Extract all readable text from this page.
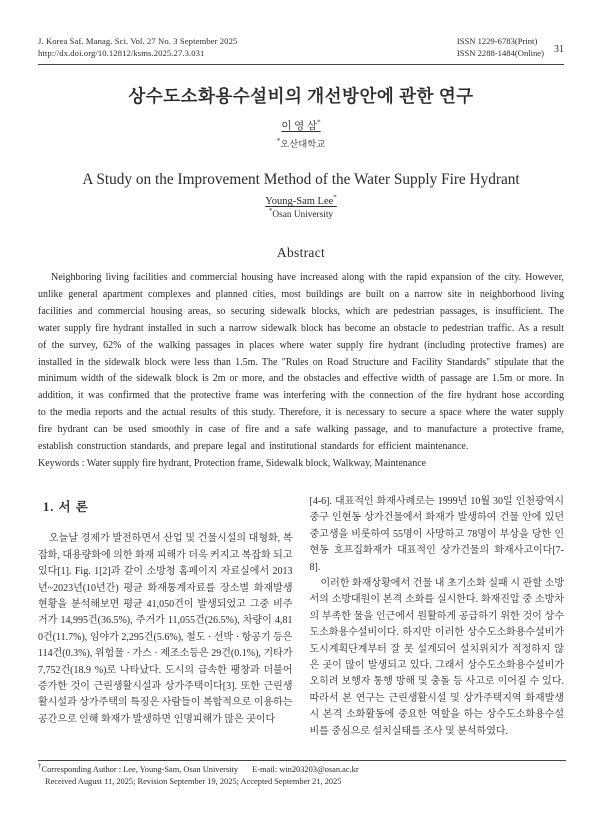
J. Korea Saf. Manag. Sci. Vol. 27 No. 3 September 2025
http://dx.doi.org/10.12812/ksms.2025.27.3.031
ISSN 1229-6783(Print)
ISSN 2288-1484(Online) 31
상수도소화용수설비의 개선방안에 관한 연구
이 영 삼*
*오산대학교
A Study on the Improvement Method of the Water Supply Fire Hydrant
Young-Sam Lee*
*Osan University
Abstract

Neighboring living facilities and commercial housing have increased along with the rapid expansion of the city. However, unlike general apartment complexes and planned cities, most buildings are built on a narrow site in neighborhood living facilities and commercial housing areas, so securing sidewalk blocks, which are pedestrian passages, is insufficient. The water supply fire hydrant installed in such a narrow sidewalk block has become an obstacle to pedestrian traffic. As a result of the survey, 62% of the walking passages in places where water supply fire hydrant (including protective frames) are installed in the sidewalk block were less than 1.5m. The "Rules on Road Structure and Facility Standards" stipulate that the minimum width of the sidewalk block is 2m or more, and the obstacles and effective width of passage are 1.5m or more. In addition, it was confirmed that the protective frame was interfering with the connection of the fire hydrant hose according to the media reports and the actual results of this study. Therefore, it is necessary to secure a space where the water supply fire hydrant can be used smoothly in case of fire and a safe walking passage, and to manufacture a protective frame, establish construction standards, and prepare legal and institutional standards for efficient maintenance.

Keywords : Water supply fire hydrant, Protection frame, Sidewalk block, Walkway, Maintenance

1. 서 론

오늘날 경제가 발전하면서 산업 및 건물시설의 대형화, 복잡화, 대용량화에 의한 화재 피해가 더욱 커지고 복잡화 되고 있다[1]. Fig. 1[2]과 같이 소방청 홈페이지 자료실에서 2013년~2023년(10년간) 평균 화재통계자료를 장소별 화재발생현황을 분석해보면 평균 41,050건이 발생되었고 그중 비주거가 14,995건(36.5%), 주거가 11,055건(26.5%), 차량이 4,810건(11.7%), 임야가 2,295건(5.6%), 철도 · 선박 · 항공기 등은 114건(0.3%), 위험물 · 가스 · 제조소등은 29건(0.1%), 기타가 7,752건(18.9 %)로 나타났다. 도시의 급속한 팽창과 더불어 증가한 것이 근린생활시설과 상가주택이다[3]. 또한 근린생활시설과 상가주택의 특징은 사람들이 복합적으로 이용하는 공간으로 인해 화재가 발생하면 인명피해가 많은 곳이다

[4-6]. 대표적인 화재사례로는 1999년 10월 30일 인천광역시 중구 인현동 상가건물에서 화재가 발생하여 건물 안에 있던 중고생을 비롯하여 55명이 사망하고 78명이 부상을 당한 인현동 호프집화재가 대표적인 상가건물의 화재사고이다[7-8].

이러한 화재상황에서 건물 내 초기소화 실패 시 관할 소방서의 소방대원이 본격 소화를 실시한다. 화재진압 중 소방차의 부족한 물을 인근에서 원활하게 공급하기 위한 것이 상수도소화용수설비이다. 하지만 이러한 상수도소화용수설비가 도시계획단계부터 잘 못 설계되어 설치위치가 적정하지 않은 곳이 많이 발생되고 있다. 그래서 상수도소화용수설비가 오히려 보행자 통행 방해 및 충돌 등 사고로 이어질 수 있다. 따라서 본 연구는 근린생활시설 및 상가주택지역 화재발생 시 본격 소화활동에 중요한 역할을 하는 상수도소화용수설비를 중심으로 설치실태를 조사 및 분석하였다.

†Corresponding Author : Lee, Young-Sam, Osan University E-mail: win203203@osan.ac.kr
Received August 11, 2025; Revision September 19, 2025; Accepted September 21, 2025
